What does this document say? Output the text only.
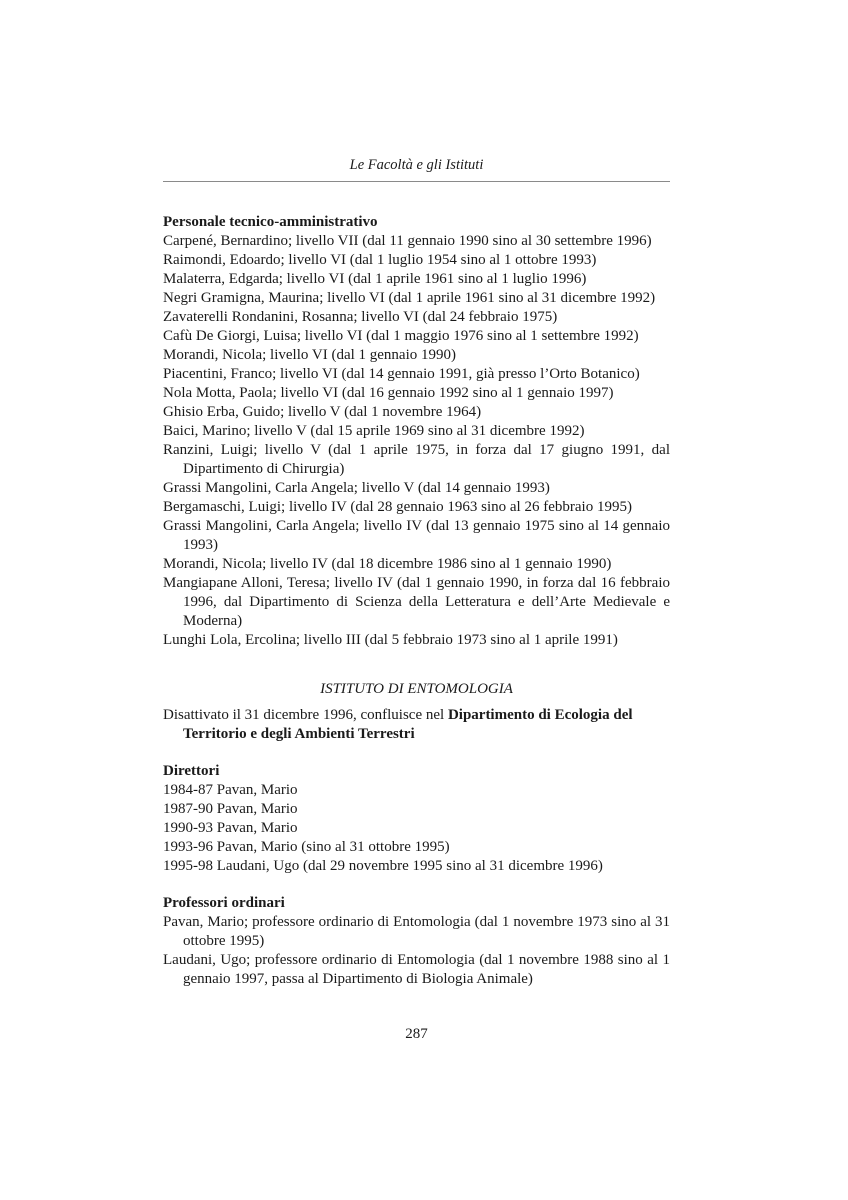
Le Facoltà e gli Istituti
Personale tecnico-amministrativo
Carpené, Bernardino; livello VII (dal 11 gennaio 1990 sino al 30 settembre 1996)
Raimondi, Edoardo; livello VI (dal 1 luglio 1954 sino al 1 ottobre 1993)
Malaterra, Edgarda; livello VI (dal 1 aprile 1961 sino al 1 luglio 1996)
Negri Gramigna, Maurina; livello VI (dal 1 aprile 1961 sino al 31 dicembre 1992)
Zavaterelli Rondanini, Rosanna; livello VI (dal 24 febbraio 1975)
Cafù De Giorgi, Luisa; livello VI (dal 1 maggio 1976 sino al 1 settembre 1992)
Morandi, Nicola; livello VI (dal 1 gennaio 1990)
Piacentini, Franco; livello VI (dal 14 gennaio 1991, già presso l’Orto Botanico)
Nola Motta, Paola; livello VI (dal 16 gennaio 1992 sino al 1 gennaio 1997)
Ghisio Erba, Guido; livello V (dal 1 novembre 1964)
Baici, Marino; livello V (dal 15 aprile 1969 sino al 31 dicembre 1992)
Ranzini, Luigi; livello V (dal 1 aprile 1975, in forza dal 17 giugno 1991, dal Dipartimento di Chirurgia)
Grassi Mangolini, Carla Angela; livello V (dal 14 gennaio 1993)
Bergamaschi, Luigi; livello IV (dal 28 gennaio 1963 sino al 26 febbraio 1995)
Grassi Mangolini, Carla Angela; livello IV (dal 13 gennaio 1975 sino al 14 gennaio 1993)
Morandi, Nicola; livello IV (dal 18 dicembre 1986 sino al 1 gennaio 1990)
Mangiapane Alloni, Teresa; livello IV (dal 1 gennaio 1990, in forza dal 16 febbraio 1996, dal Dipartimento di Scienza della Letteratura e dell’Arte Medievale e Moderna)
Lunghi Lola, Ercolina; livello III (dal 5 febbraio 1973 sino al 1 aprile 1991)
ISTITUTO DI ENTOMOLOGIA
Disattivato il 31 dicembre 1996, confluisce nel Dipartimento di Ecologia del Territorio e degli Ambienti Terrestri
Direttori
1984-87 Pavan, Mario
1987-90 Pavan, Mario
1990-93 Pavan, Mario
1993-96 Pavan, Mario (sino al 31 ottobre 1995)
1995-98 Laudani, Ugo (dal 29 novembre 1995 sino al 31 dicembre 1996)
Professori ordinari
Pavan, Mario; professore ordinario di Entomologia (dal 1 novembre 1973 sino al 31 ottobre 1995)
Laudani, Ugo; professore ordinario di Entomologia (dal 1 novembre 1988 sino al 1 gennaio 1997, passa al Dipartimento di Biologia Animale)
287
